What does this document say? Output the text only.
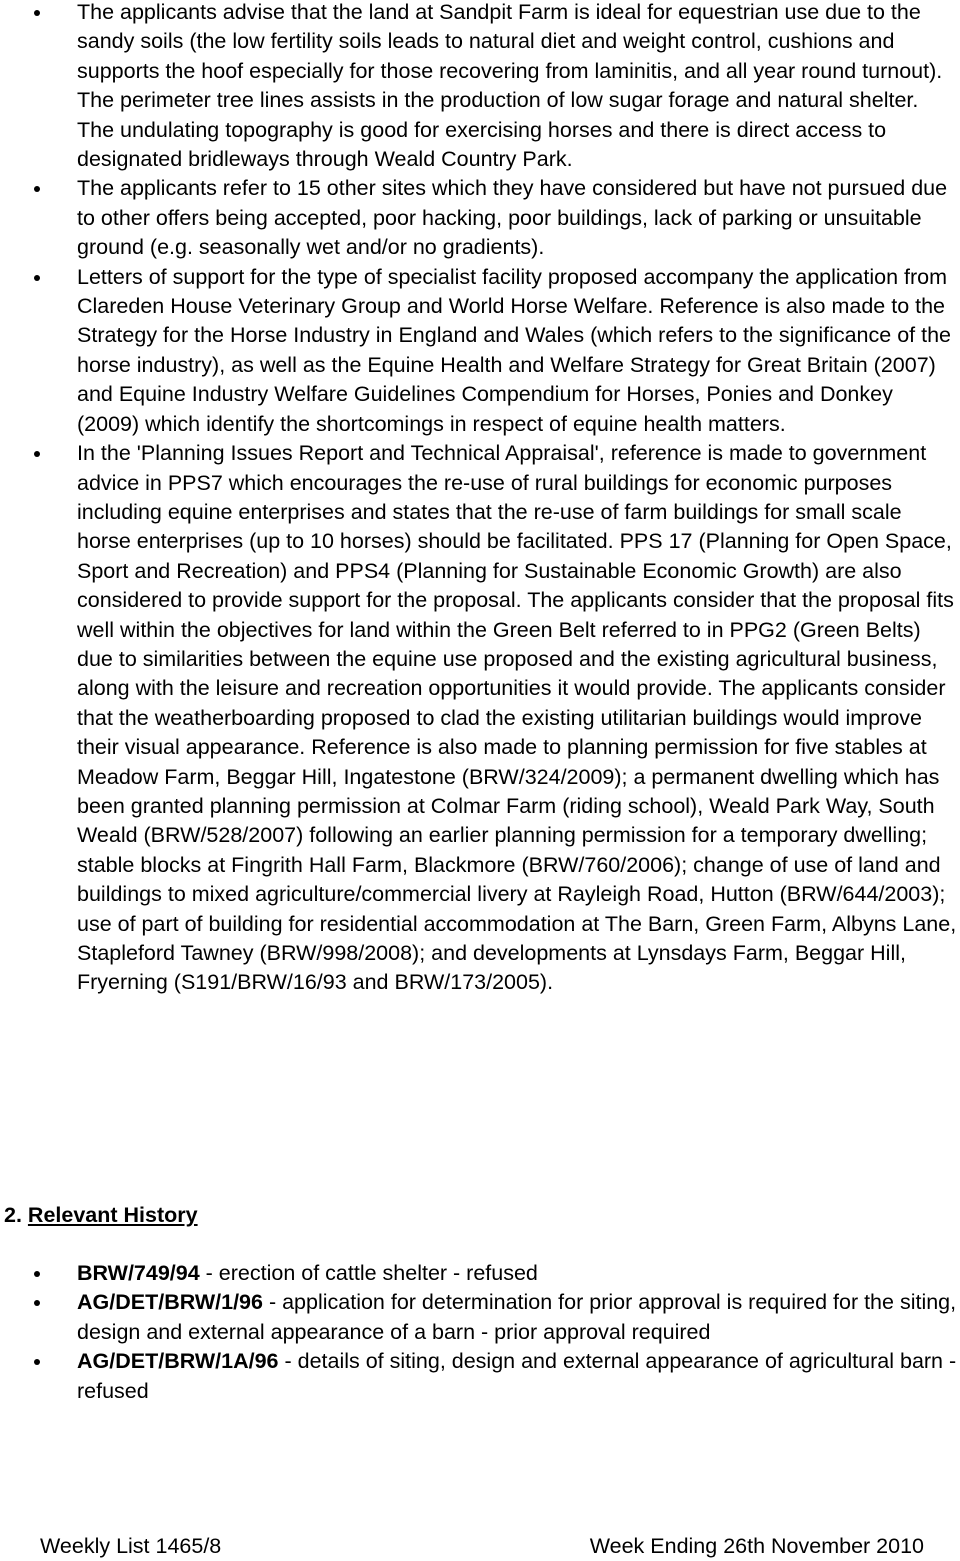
The applicants advise that the land at Sandpit Farm is ideal for equestrian use due to the sandy soils (the low fertility soils leads to natural diet and weight control, cushions and supports the hoof especially for those recovering from laminitis, and all year round turnout). The perimeter tree lines assists in the production of low sugar forage and natural shelter. The undulating topography is good for exercising horses and there is direct access to designated bridleways through Weald Country Park.
The applicants refer to 15 other sites which they have considered but have not pursued due to other offers being accepted, poor hacking, poor buildings, lack of parking or unsuitable ground (e.g. seasonally wet and/or no gradients).
Letters of support for the type of specialist facility proposed accompany the application from Clareden House Veterinary Group and World Horse Welfare. Reference is also made to the Strategy for the Horse Industry in England and Wales (which refers to the significance of the horse industry), as well as the Equine Health and Welfare Strategy for Great Britain (2007) and Equine Industry Welfare Guidelines Compendium for Horses, Ponies and Donkey (2009) which identify the shortcomings in respect of equine health matters.
In the 'Planning Issues Report and Technical Appraisal', reference is made to government advice in PPS7 which encourages the re-use of rural buildings for economic purposes including equine enterprises and states that the re-use of farm buildings for small scale horse enterprises (up to 10 horses) should be facilitated. PPS 17 (Planning for Open Space, Sport and Recreation) and PPS4 (Planning for Sustainable Economic Growth) are also considered to provide support for the proposal. The applicants consider that the proposal fits well within the objectives for land within the Green Belt referred to in PPG2 (Green Belts) due to similarities between the equine use proposed and the existing agricultural business, along with the leisure and recreation opportunities it would provide. The applicants consider that the weatherboarding proposed to clad the existing utilitarian buildings would improve their visual appearance. Reference is also made to planning permission for five stables at Meadow Farm, Beggar Hill, Ingatestone (BRW/324/2009); a permanent dwelling which has been granted planning permission at Colmar Farm (riding school), Weald Park Way, South Weald (BRW/528/2007) following an earlier planning permission for a temporary dwelling; stable blocks at Fingrith Hall Farm, Blackmore (BRW/760/2006); change of use of land and buildings to mixed agriculture/commercial livery at Rayleigh Road, Hutton (BRW/644/2003); use of part of building for residential accommodation at The Barn, Green Farm, Albyns Lane, Stapleford Tawney (BRW/998/2008); and developments at Lynsdays Farm, Beggar Hill, Fryerning (S191/BRW/16/93 and BRW/173/2005).
2. Relevant History
BRW/749/94 - erection of cattle shelter - refused
AG/DET/BRW/1/96 - application for determination for prior approval is required for the siting, design and external appearance of a barn - prior approval required
AG/DET/BRW/1A/96 - details of siting, design and external appearance of agricultural barn - refused
Weekly List 1465/8	Week Ending 26th November 2010
